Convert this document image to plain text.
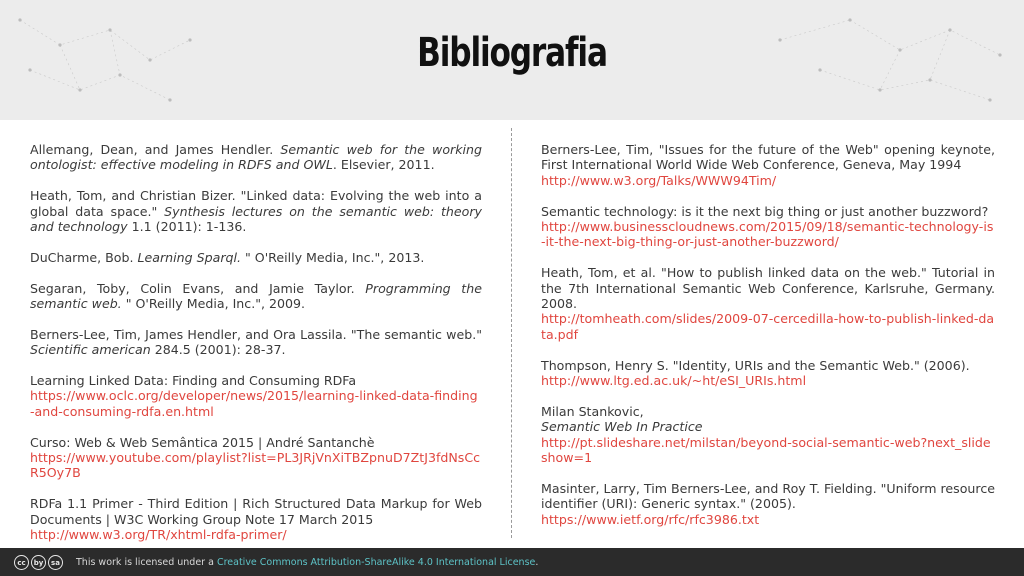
Bibliografia
Allemang, Dean, and James Hendler. Semantic web for the working ontologist: effective modeling in RDFS and OWL. Elsevier, 2011.
Heath, Tom, and Christian Bizer. "Linked data: Evolving the web into a global data space." Synthesis lectures on the semantic web: theory and technology 1.1 (2011): 1-136.
DuCharme, Bob. Learning Sparql. " O'Reilly Media, Inc.", 2013.
Segaran, Toby, Colin Evans, and Jamie Taylor. Programming the semantic web. " O'Reilly Media, Inc.", 2009.
Berners-Lee, Tim, James Hendler, and Ora Lassila. "The semantic web." Scientific american 284.5 (2001): 28-37.
Learning Linked Data: Finding and Consuming RDFa
https://www.oclc.org/developer/news/2015/learning-linked-data-finding-and-consuming-rdfa.en.html
Curso: Web & Web Semântica 2015 | André Santanchè
https://www.youtube.com/playlist?list=PL3JRjVnXiTBZpnuD7ZtJ3fdNsCcR5Oy7B
RDFa 1.1 Primer - Third Edition | Rich Structured Data Markup for Web Documents | W3C Working Group Note 17 March 2015
http://www.w3.org/TR/xhtml-rdfa-primer/
Berners-Lee, Tim, "Issues for the future of the Web" opening keynote, First International World Wide Web Conference, Geneva, May 1994
http://www.w3.org/Talks/WWW94Tim/
Semantic technology: is it the next big thing or just another buzzword?
http://www.businesscloudnews.com/2015/09/18/semantic-technology-is-it-the-next-big-thing-or-just-another-buzzword/
Heath, Tom, et al. "How to publish linked data on the web." Tutorial in the 7th International Semantic Web Conference, Karlsruhe, Germany. 2008.
http://tomheath.com/slides/2009-07-cercedilla-how-to-publish-linked-data.pdf
Thompson, Henry S. "Identity, URIs and the Semantic Web." (2006).
http://www.ltg.ed.ac.uk/~ht/eSI_URIs.html
Milan Stankovic,
Semantic Web In Practice
http://pt.slideshare.net/milstan/beyond-social-semantic-web?next_slideshow=1
Masinter, Larry, Tim Berners-Lee, and Roy T. Fielding. "Uniform resource identifier (URI): Generic syntax." (2005).
https://www.ietf.org/rfc/rfc3986.txt
cc	by	sa	This work is licensed under a Creative Commons Attribution-ShareAlike 4.0 International License.
